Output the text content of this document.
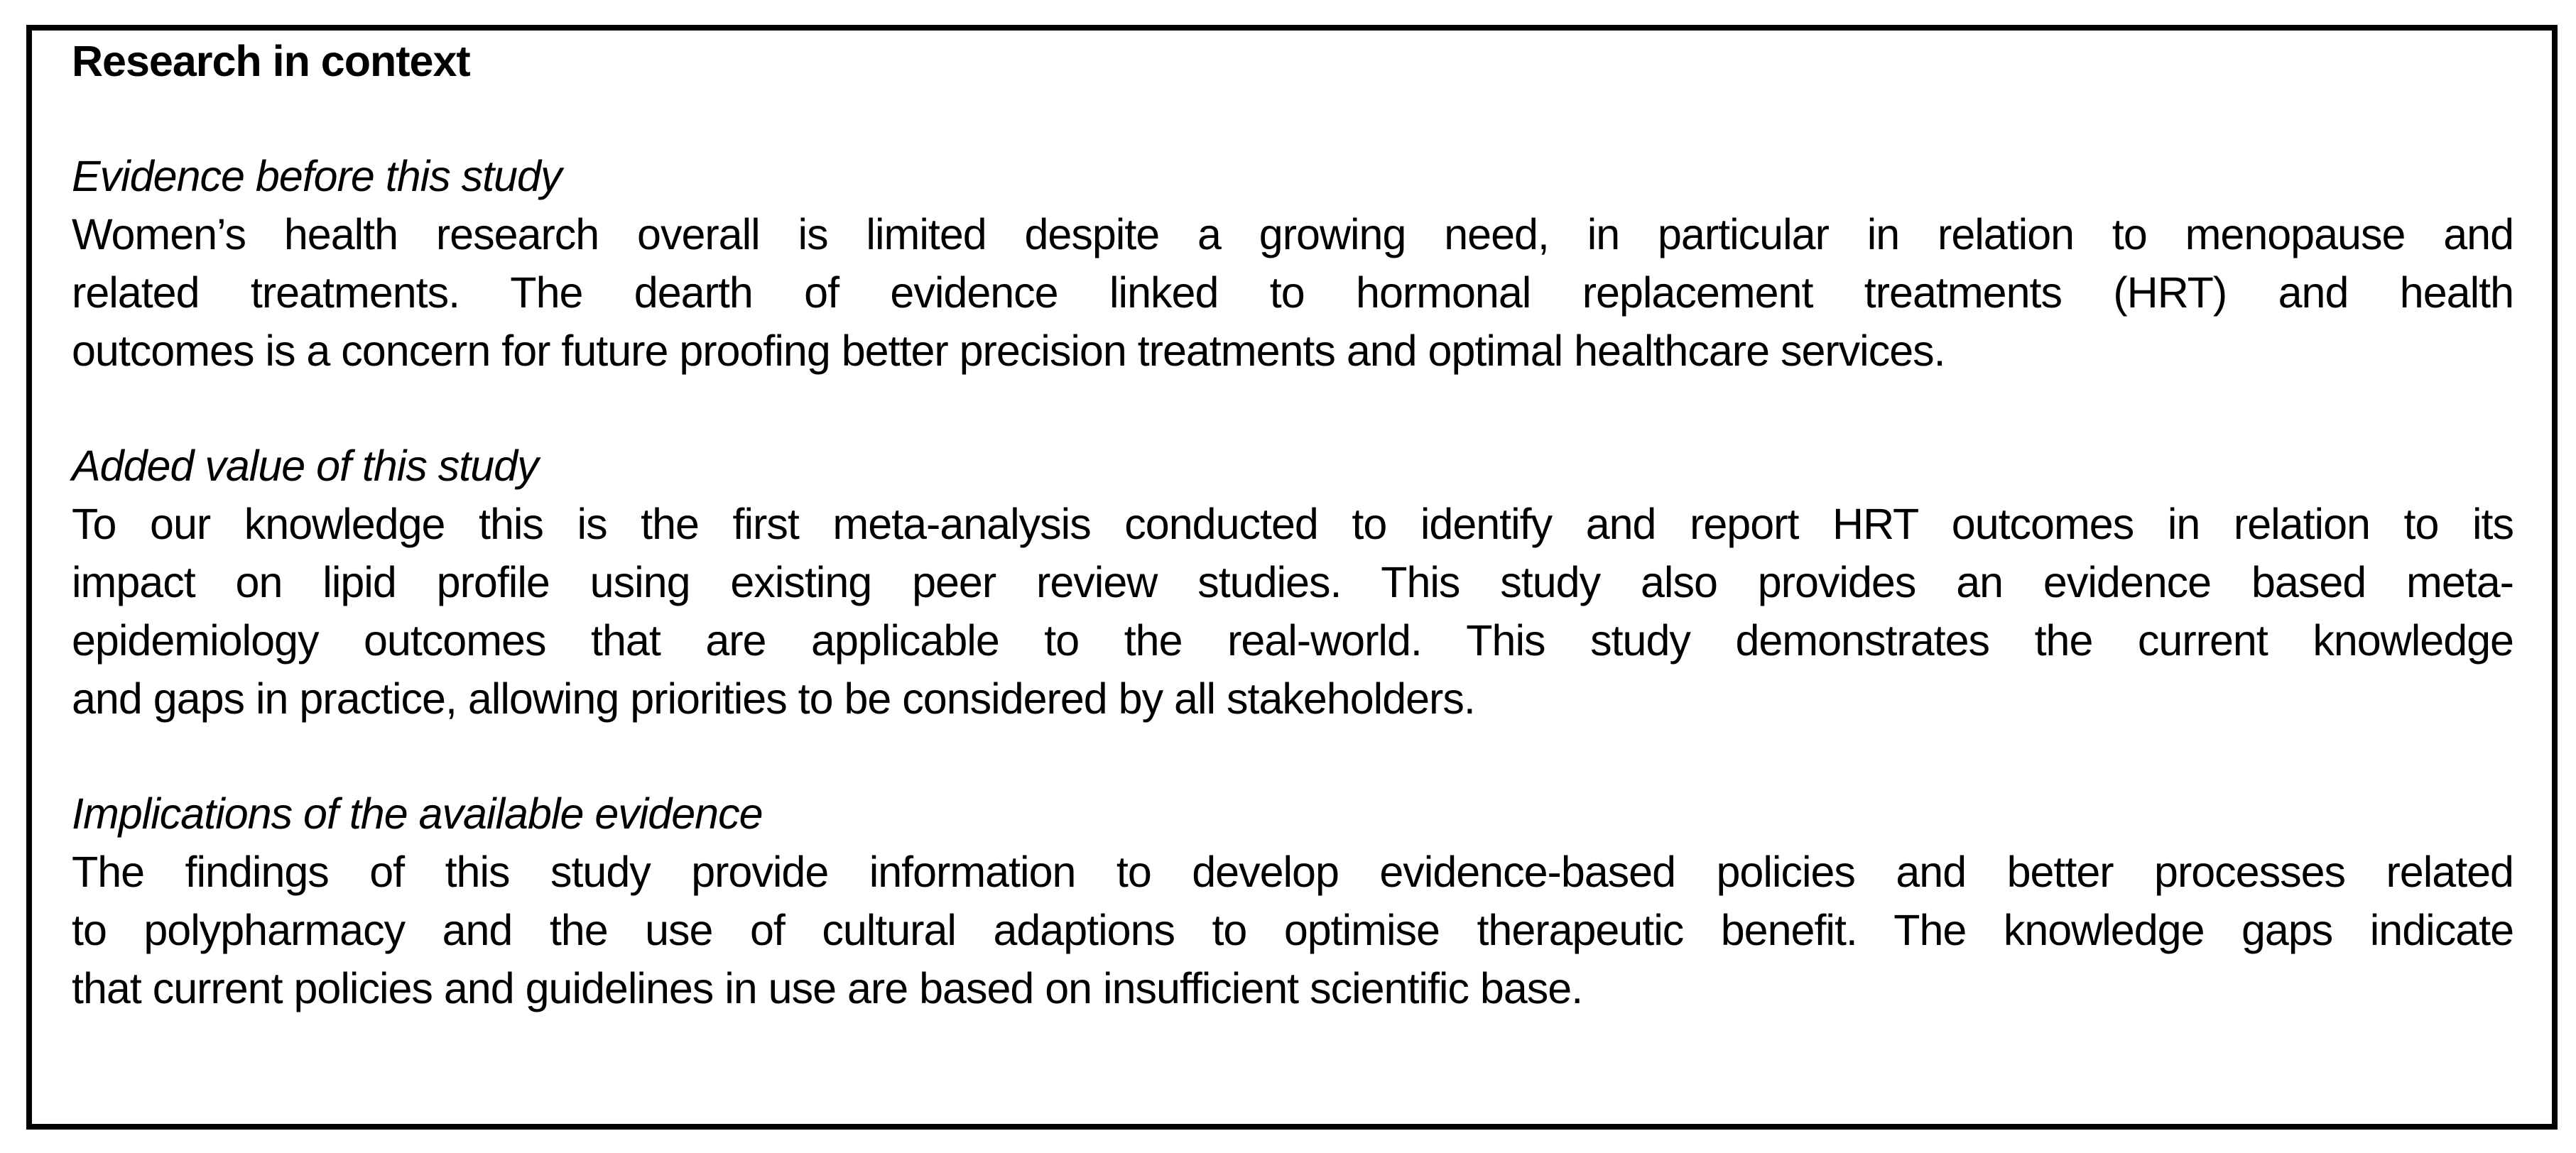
Research in context
Evidence before this study

Women’s health research overall is limited despite a growing need, in particular in relation to menopause and
related treatments. The dearth of evidence linked to hormonal replacement treatments (HRT) and health
outcomes is a concern for future proofing better precision treatments and optimal healthcare services.

Added value of this study

To our knowledge this is the first meta-analysis conducted to identify and report HRT outcomes in relation to its
impact on lipid profile using existing peer review studies. This study also provides an evidence based meta-
epidemiology outcomes that are applicable to the real-world. This study demonstrates the current knowledge
and gaps in practice, allowing priorities to be considered by all stakeholders.

Implications of the available evidence

The findings of this study provide information to develop evidence-based policies and better processes related
to polypharmacy and the use of cultural adaptions to optimise therapeutic benefit. The knowledge gaps indicate
that current policies and guidelines in use are based on insufficient scientific base.
